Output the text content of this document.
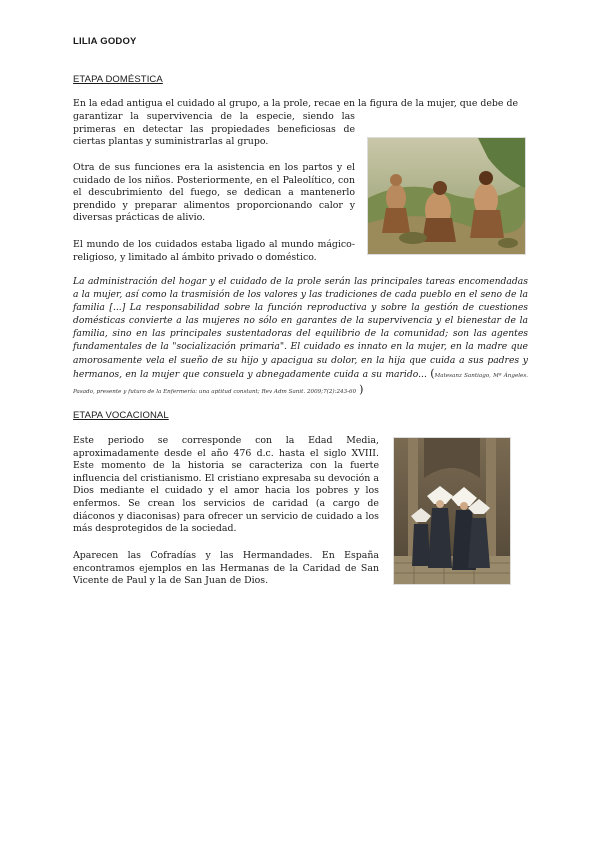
LILIA GODOY
ETAPA DOMÉSTICA

En la edad antigua el cuidado al grupo, a la prole, recae en la figura de la mujer, que debe de

garantizar la supervivencia de la especie, siendo las primeras en detectar las propiedades beneficiosas de ciertas plantas y suministrarlas al grupo.

Otra de sus funciones era la asistencia en los partos y el cuidado de los niños. Posteriormente, en el Paleolítico, con el descubrimiento del fuego, se dedican a mantenerlo prendido y preparar alimentos proporcionando calor y diversas prácticas de alivio.

El mundo de los cuidados estaba ligado al mundo mágico-religioso, y limitado al ámbito privado o doméstico.

La administración del hogar y el cuidado de la prole serán las principales tareas encomendadas a la mujer, así como la trasmisión de los valores y las tradiciones de cada pueblo en el seno de la familia [...] La responsabilidad sobre la función reproductiva y sobre la gestión de cuestiones domésticas convierte a las mujeres no sólo en garantes de la supervivencia y el bienestar de la familia, sino en las principales sustentadoras del equilibrio de la comunidad; son las agentes fundamentales de la "socialización primaria". El cuidado es innato en la mujer, en la madre que amorosamente vela el sueño de su hijo y apacigua su dolor, en la hija que cuida a sus padres y hermanos, en la mujer que consuela y abnegadamente cuida a su marido... (Matesanz Santiago, Mª Ángeles. Pasado, presente y futuro de la Enfermería: una aptitud constant; Rev Adm Sanit. 2009;7(2):243-60 )

ETAPA VOCACIONAL

Este periodo se corresponde con la Edad Media, aproximadamente desde el año 476 d.c. hasta el siglo XVIII. Este momento de la historia se caracteriza con la fuerte influencia del cristianismo. El cristiano expresaba su devoción a Dios mediante el cuidado y el amor hacia los pobres y los enfermos. Se crean los servicios de caridad (a cargo de diáconos y diaconisas) para ofrecer un servicio de cuidado a los más desprotegidos de la sociedad.

Aparecen las Cofradías y las Hermandades. En España encontramos ejemplos en las Hermanas de la Caridad de San Vicente de Paul y la de San Juan de Dios.
